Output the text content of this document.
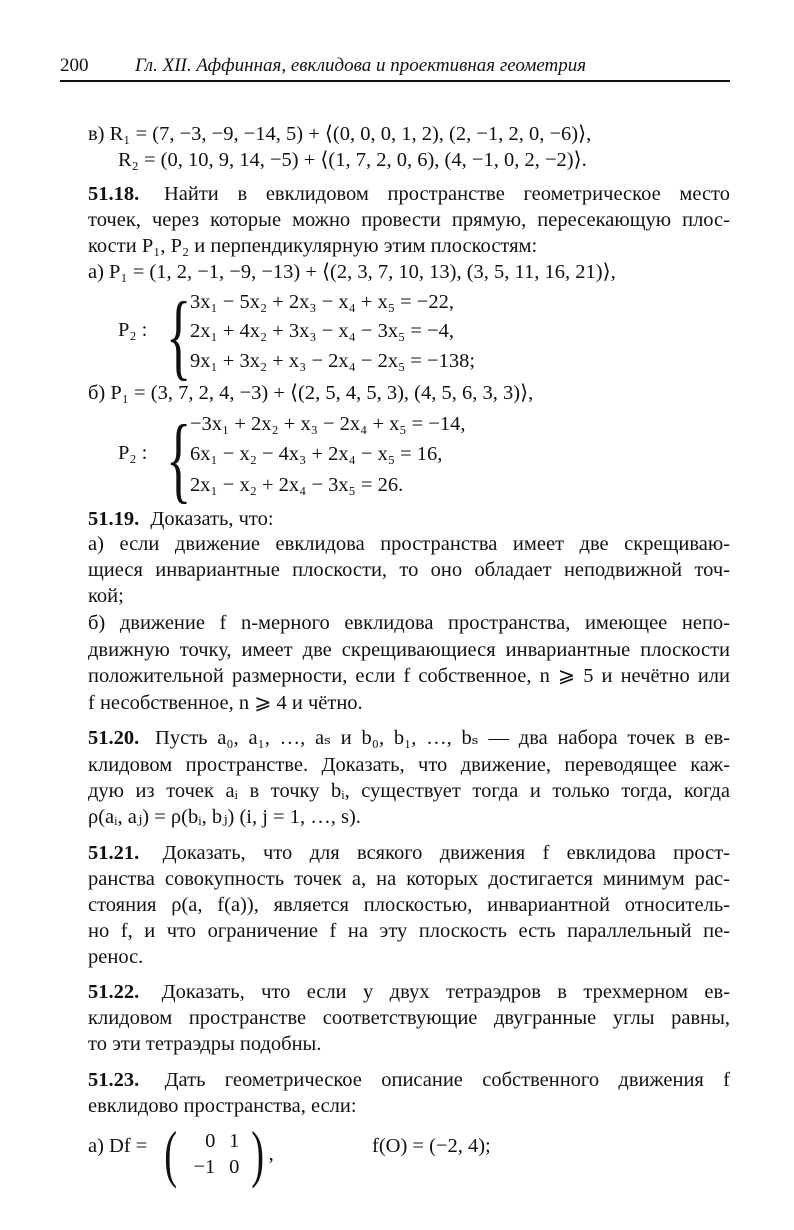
200 Гл. XII. Аффинная, евклидова и проективная геометрия
в) R₁ = (7, −3, −9, −14, 5) + ⟨(0, 0, 0, 1, 2), (2, −1, 2, 0, −6)⟩,
R₂ = (0, 10, 9, 14, −5) + ⟨(1, 7, 2, 0, 6), (4, −1, 0, 2, −2)⟩.
51.18. Найти в евклидовом пространстве геометрическое место
точек, через которые можно провести прямую, пересекающую плос-
кости P₁, P₂ и перпендикулярную этим плоскостям:
а) P₁ = (1, 2, −1, −9, −13) + ⟨(2, 3, 7, 10, 13), (3, 5, 11, 16, 21)⟩,
3x₁ − 5x₂ + 2x₃ − x₄ + x₅ = −22,
2x₁ + 4x₂ + 3x₃ − x₄ − 3x₅ = −4,
9x₁ + 3x₂ + x₃ − 2x₄ − 2x₅ = −138;
б) P₁ = (3, 7, 2, 4, −3) + ⟨(2, 5, 4, 5, 3), (4, 5, 6, 3, 3)⟩,
−3x₁ + 2x₂ + x₃ − 2x₄ + x₅ = −14,
6x₁ − x₂ − 4x₃ + 2x₄ − x₅ = 16,
2x₁ − x₂ + 2x₄ − 3x₅ = 26.
51.19. Доказать, что:
а) если движение евклидова пространства имеет две скрещиваю-
щиеся инвариантные плоскости, то оно обладает неподвижной точ-
кой;
б) движение f n-мерного евклидова пространства, имеющее непо-
движную точку, имеет две скрещивающиеся инвариантные плоскости
положительной размерности, если f собственное, n ⩾ 5 и нечётно или
f несобственное, n ⩾ 4 и чётно.
51.20. Пусть a₀, a₁, …, aₛ и b₀, b₁, …, bₛ — два набора точек в ев-
клидовом пространстве. Доказать, что движение, переводящее каж-
дую из точек aᵢ в точку bᵢ, существует тогда и только тогда, когда
ρ(aᵢ, aⱼ) = ρ(bᵢ, bⱼ) (i, j = 1, …, s).
51.21. Доказать, что для всякого движения f евклидова прост-
ранства совокупность точек a, на которых достигается минимум рас-
стояния ρ(a, f(a)), является плоскостью, инвариантной относитель-
но f, и что ограничение f на эту плоскость есть параллельный пе-
ренос.
51.22. Доказать, что если у двух тетраэдров в трехмерном ев-
клидовом пространстве соответствующие двугранные углы равны,
то эти тетраэдры подобны.
51.23. Дать геометрическое описание собственного движения f
евклидово пространства, если:
P₂ : {
P₂ : {
а) Df = (	0 1
−1 0 ) ,	f(O) = (−2, 4);
